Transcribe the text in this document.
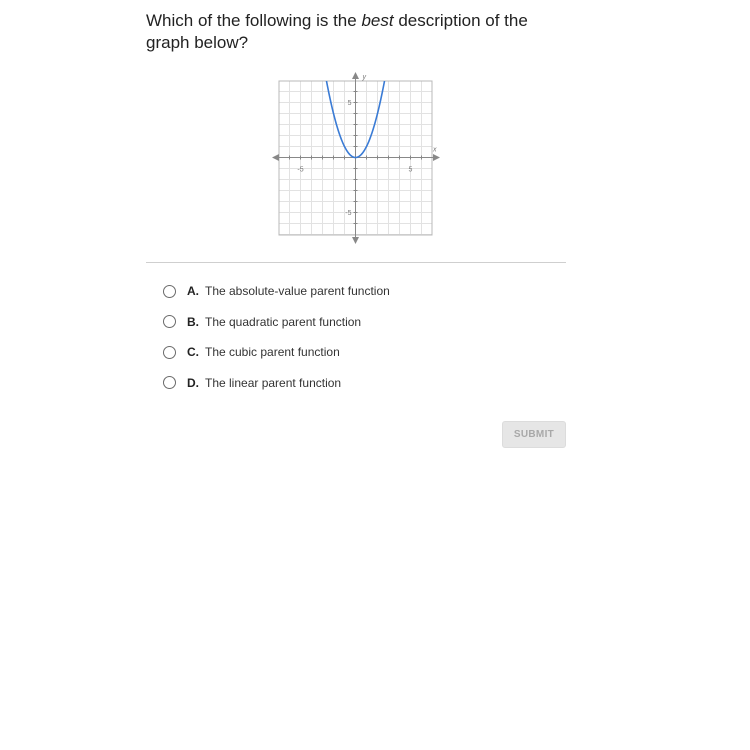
Which of the following is the best description of the graph below?
x
y
-5	5
5
-5
A. The absolute-value parent function
B. The quadratic parent function
C. The cubic parent function
D. The linear parent function
SUBMIT
